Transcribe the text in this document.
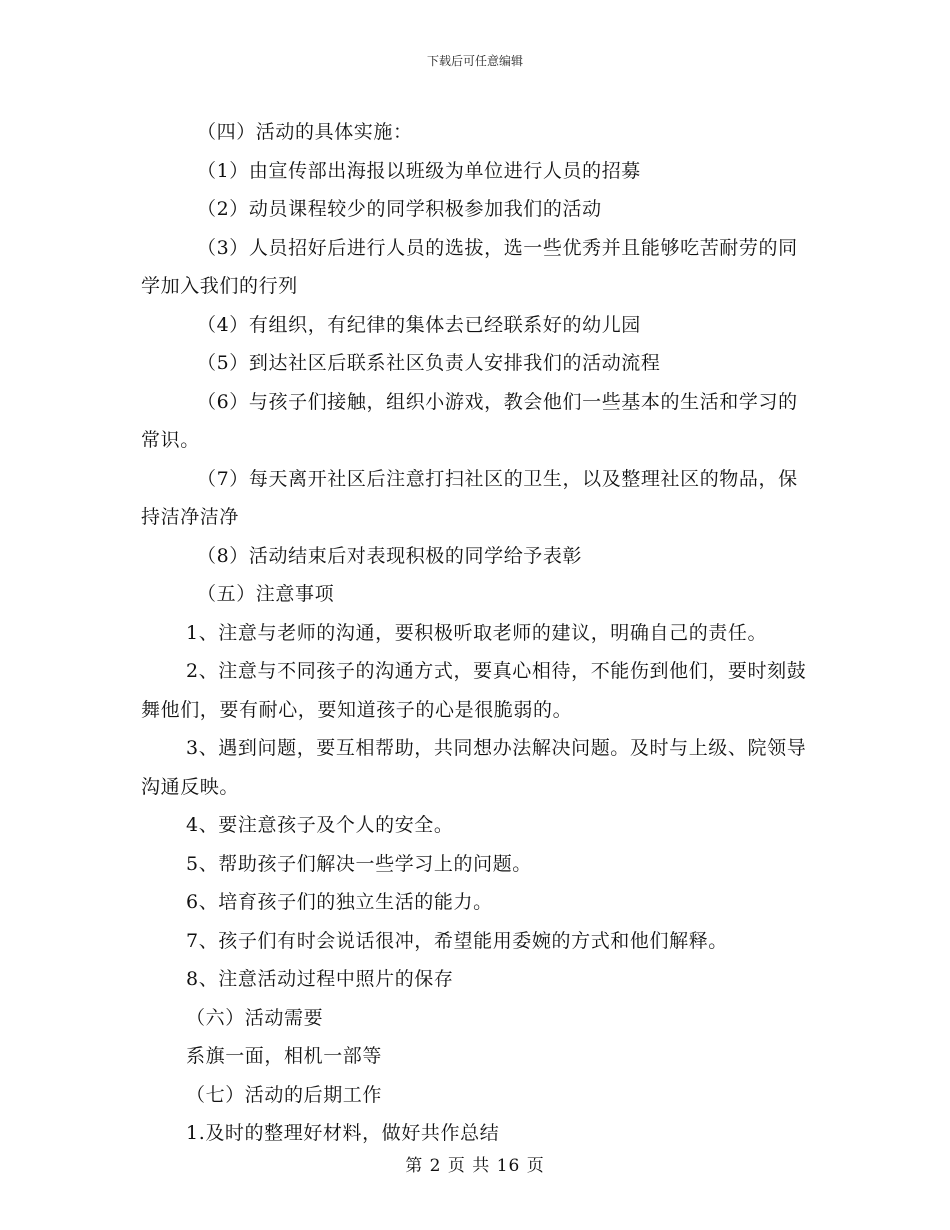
下载后可任意编辑

（四）活动的具体实施：

（1）由宣传部出海报以班级为单位进行人员的招募

（2）动员课程较少的同学积极参加我们的活动

（3）人员招好后进行人员的选拔，选一些优秀并且能够吃苦耐劳的同学加入我们的行列

（4）有组织，有纪律的集体去已经联系好的幼儿园

（5）到达社区后联系社区负责人安排我们的活动流程

（6）与孩子们接触，组织小游戏，教会他们一些基本的生活和学习的常识。

（7）每天离开社区后注意打扫社区的卫生，以及整理社区的物品，保持洁净洁净

（8）活动结束后对表现积极的同学给予表彰

（五）注意事项

1、注意与老师的沟通，要积极听取老师的建议，明确自己的责任。

2、注意与不同孩子的沟通方式，要真心相待，不能伤到他们，要时刻鼓舞他们，要有耐心，要知道孩子的心是很脆弱的。

3、遇到问题，要互相帮助，共同想办法解决问题。及时与上级、院领导沟通反映。

4、要注意孩子及个人的安全。

5、帮助孩子们解决一些学习上的问题。

6、培育孩子们的独立生活的能力。

7、孩子们有时会说话很冲，希望能用委婉的方式和他们解释。

8、注意活动过程中照片的保存

（六）活动需要

系旗一面，相机一部等

（七）活动的后期工作

1.及时的整理好材料，做好共作总结

第 2 页 共 16 页
